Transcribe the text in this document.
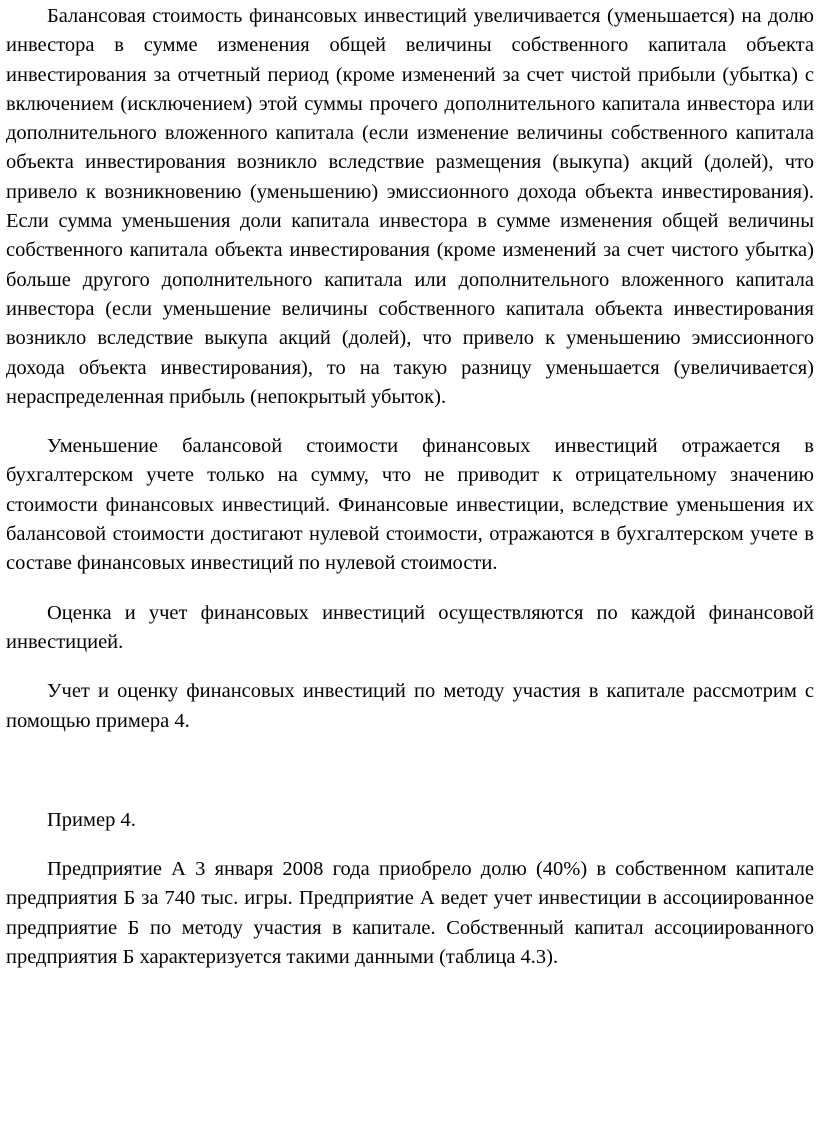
Балансовая стоимость финансовых инвестиций увеличивается (уменьшается) на долю инвестора в сумме изменения общей величины собственного капитала объекта инвестирования за отчетный период (кроме изменений за счет чистой прибыли (убытка) с включением (исключением) этой суммы прочего дополнительного капитала инвестора или дополнительного вложенного капитала (если изменение величины собственного капитала объекта инвестирования возникло вследствие размещения (выкупа) акций (долей), что привело к возникновению (уменьшению) эмиссионного дохода объекта инвестирования). Если сумма уменьшения доли капитала инвестора в сумме изменения общей величины собственного капитала объекта инвестирования (кроме изменений за счет чистого убытка) больше другого дополнительного капитала или дополнительного вложенного капитала инвестора (если уменьшение величины собственного капитала объекта инвестирования возникло вследствие выкупа акций (долей), что привело к уменьшению эмиссионного дохода объекта инвестирования), то на такую разницу уменьшается (увеличивается) нераспределенная прибыль (непокрытый убыток).

Уменьшение балансовой стоимости финансовых инвестиций отражается в бухгалтерском учете только на сумму, что не приводит к отрицательному значению стоимости финансовых инвестиций. Финансовые инвестиции, вследствие уменьшения их балансовой стоимости достигают нулевой стоимости, отражаются в бухгалтерском учете в составе финансовых инвестиций по нулевой стоимости.

Оценка и учет финансовых инвестиций осуществляются по каждой финансовой инвестицией.

Учет и оценку финансовых инвестиций по методу участия в капитале рассмотрим с помощью примера 4.

Пример 4.

Предприятие А 3 января 2008 года приобрело долю (40%) в собственном капитале предприятия Б за 740 тыс. игры. Предприятие А ведет учет инвестиции в ассоциированное предприятие Б по методу участия в капитале. Собственный капитал ассоциированного предприятия Б характеризуется такими данными (таблица 4.3).
